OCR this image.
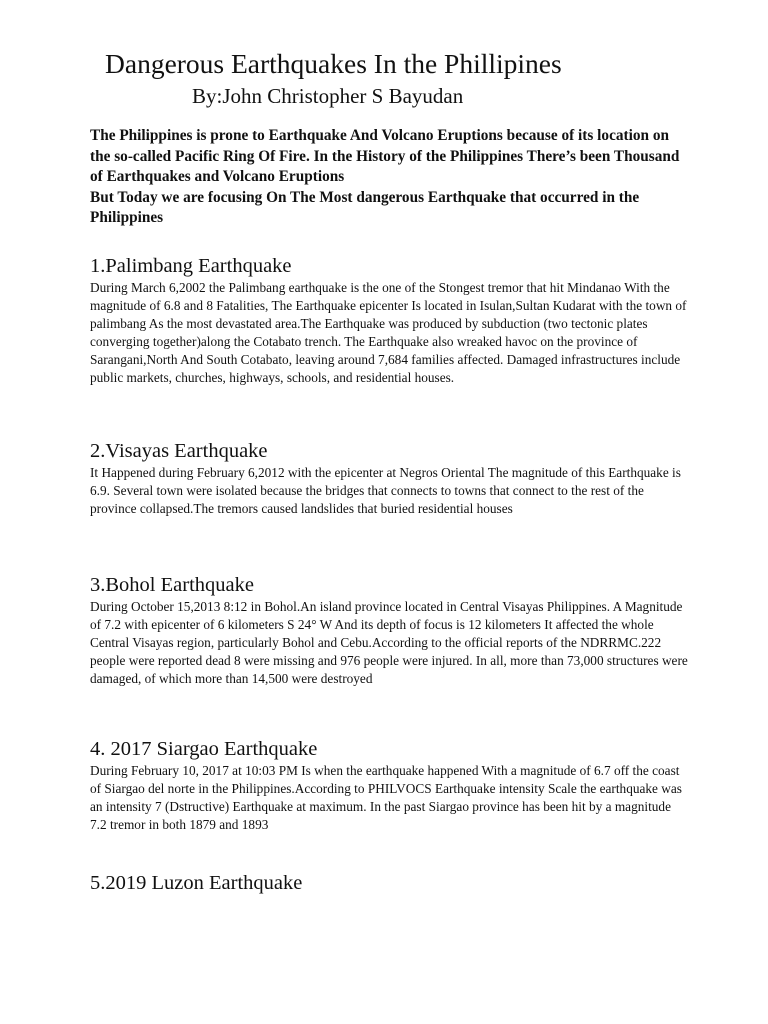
Dangerous Earthquakes In the Phillipines
By:John Christopher S Bayudan

The Philippines is prone to Earthquake And Volcano Eruptions because of its location on the so-called Pacific Ring Of Fire. In the History of the Philippines There’s been Thousand of Earthquakes and Volcano Eruptions

But Today we are focusing On The Most dangerous Earthquake that occurred in the Philippines

1.Palimbang Earthquake

During March 6,2002 the Palimbang earthquake is the one of the Stongest tremor that hit Mindanao With the magnitude of 6.8 and 8 Fatalities, The Earthquake epicenter Is located in Isulan,Sultan Kudarat with the town of palimbang As the most devastated area.The Earthquake was produced by subduction (two tectonic plates converging together)along the Cotabato trench. The Earthquake also wreaked havoc on the province of Sarangani,North And South Cotabato, leaving around 7,684 families affected. Damaged infrastructures include public markets, churches, highways, schools, and residential houses.

2.Visayas Earthquake

It Happened during February 6,2012 with the epicenter at Negros Oriental The magnitude of this Earthquake is 6.9. Several town were isolated because the bridges that connects to towns that connect to the rest of the province collapsed.The tremors caused landslides that buried residential houses

3.Bohol Earthquake

During October 15,2013 8:12 in Bohol.An island province located in Central Visayas Philippines. A Magnitude of 7.2 with epicenter of 6 kilometers S 24° W And its depth of focus is 12 kilometers It affected the whole Central Visayas region, particularly Bohol and Cebu.According to the official reports of the NDRRMC.222 people were reported dead 8 were missing and 976 people were injured. In all, more than 73,000 structures were damaged, of which more than 14,500 were destroyed

4. 2017 Siargao Earthquake

During February 10, 2017 at 10:03 PM Is when the earthquake happened With a magnitude of 6.7 off the coast of Siargao del norte in the Philippines.According to PHILVOCS Earthquake intensity Scale the earthquake was an intensity 7 (Dstructive) Earthquake at maximum. In the past Siargao province has been hit by a magnitude 7.2 tremor in both 1879 and 1893

5.2019 Luzon Earthquake
